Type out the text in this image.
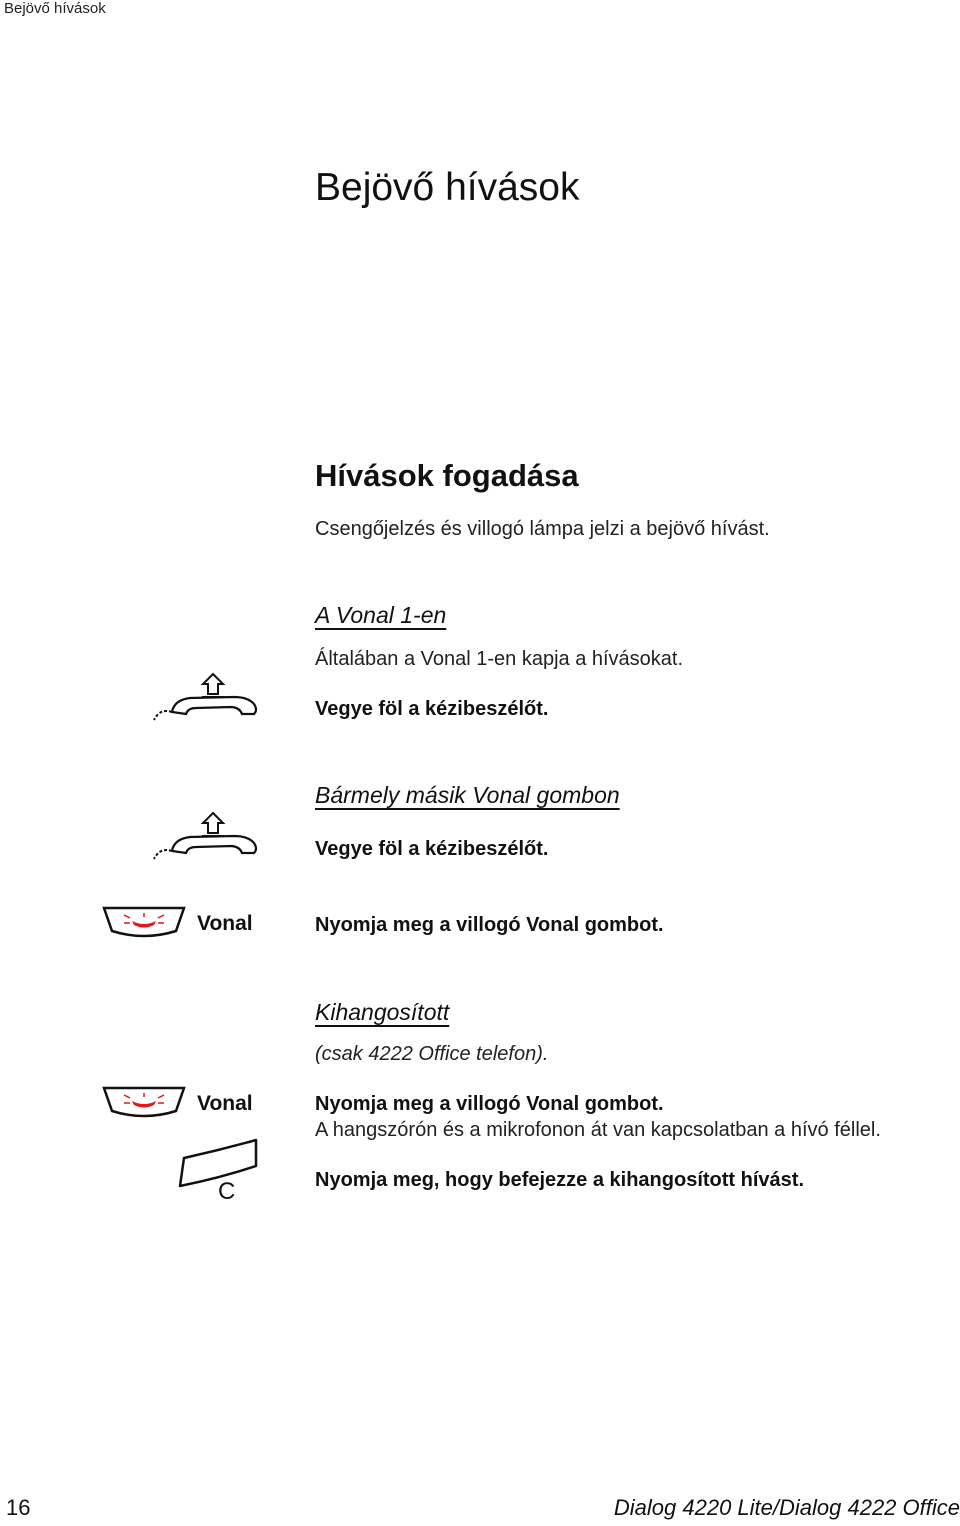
Bejövő hívások
Bejövő hívások
Hívások fogadása
Csengőjelzés és villogó lámpa jelzi a bejövő hívást.
A Vonal 1-en
Általában a Vonal 1-en kapja a hívásokat.
Vegye föl a kézibeszélőt.
Bármely másik Vonal gombon
Vegye föl a kézibeszélőt.
Vonal	Nyomja meg a villogó Vonal gombot.
Kihangosított
(csak 4222 Office telefon).
Vonal	Nyomja meg a villogó Vonal gombot.
A hangszórón és a mikrofonon át van kapcsolatban a hívó féllel.
C	Nyomja meg, hogy befejezze a kihangosított hívást.
16	Dialog 4220 Lite/Dialog 4222 Office
